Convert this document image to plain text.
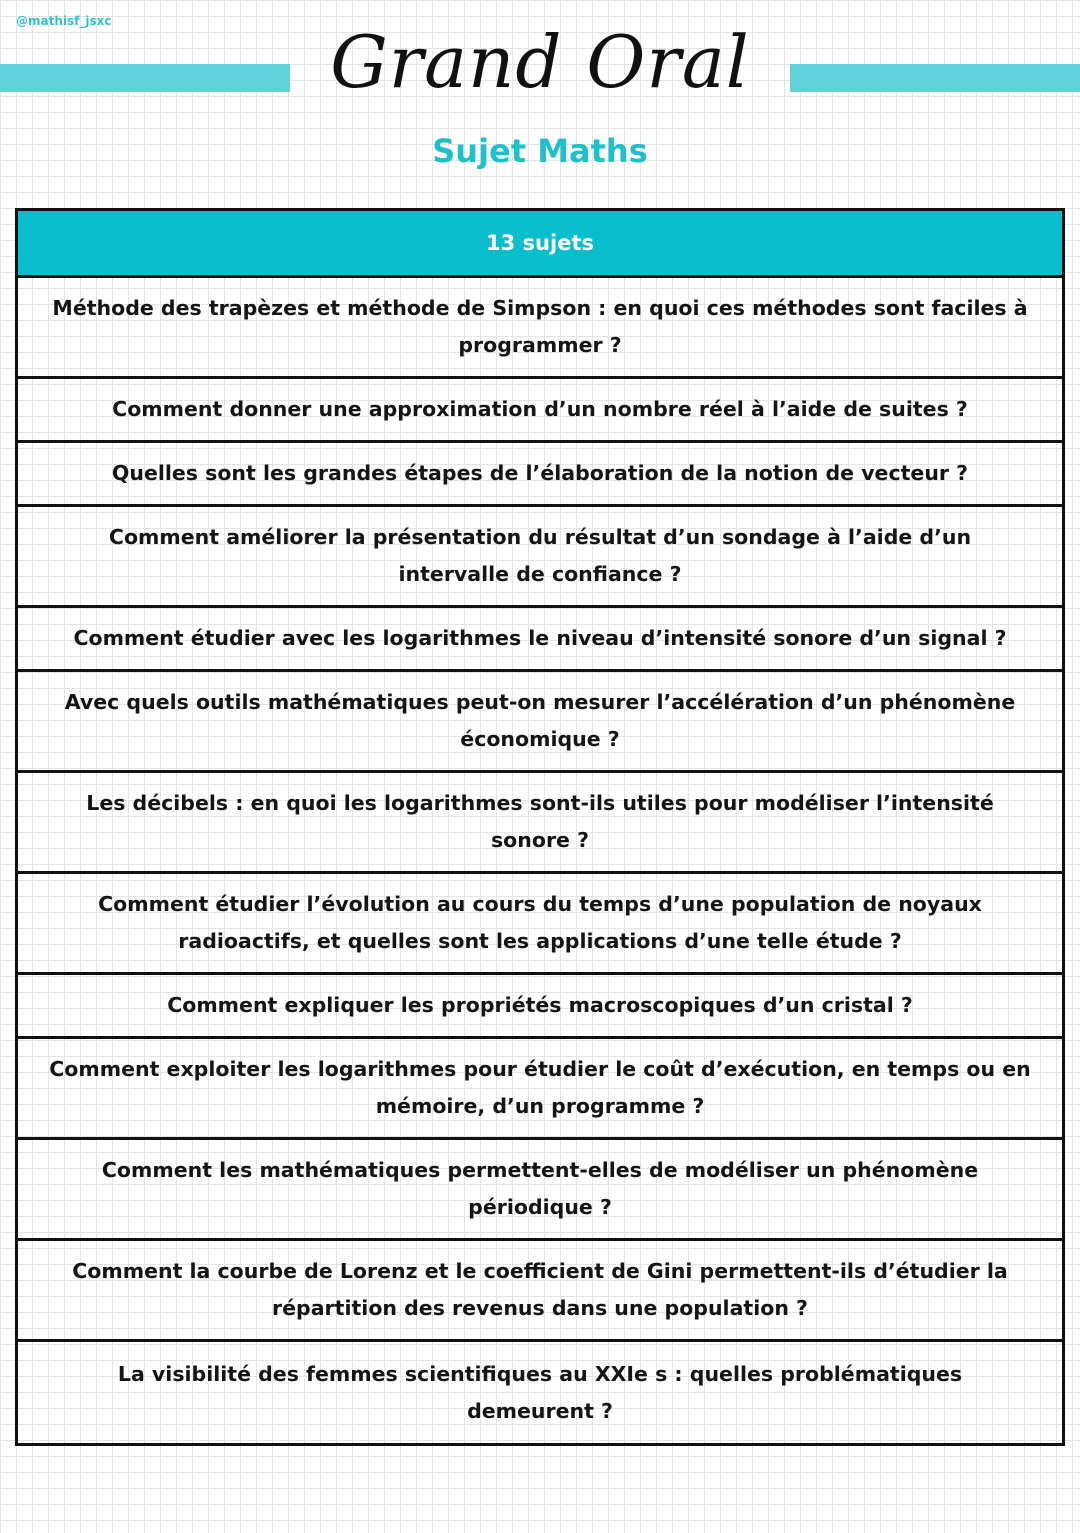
@mathisf_jsxc	Grand Oral
Sujet Maths
13 sujets
Méthode des trapèzes et méthode de Simpson : en quoi ces méthodes sont faciles à programmer ?
Comment donner une approximation d’un nombre réel à l’aide de suites ?
Quelles sont les grandes étapes de l’élaboration de la notion de vecteur ?
Comment améliorer la présentation du résultat d’un sondage à l’aide d’un intervalle de confiance ?
Comment étudier avec les logarithmes le niveau d’intensité sonore d’un signal ?
Avec quels outils mathématiques peut-on mesurer l’accélération d’un phénomène économique ?
Les décibels : en quoi les logarithmes sont-ils utiles pour modéliser l’intensité sonore ?
Comment étudier l’évolution au cours du temps d’une population de noyaux radioactifs, et quelles sont les applications d’une telle étude ?
Comment expliquer les propriétés macroscopiques d’un cristal ?
Comment exploiter les logarithmes pour étudier le coût d’exécution, en temps ou en mémoire, d’un programme ?
Comment les mathématiques permettent-elles de modéliser un phénomène périodique ?
Comment la courbe de Lorenz et le coefficient de Gini permettent-ils d’étudier la répartition des revenus dans une population ?
La visibilité des femmes scientifiques au XXIe s : quelles problématiques demeurent ?
